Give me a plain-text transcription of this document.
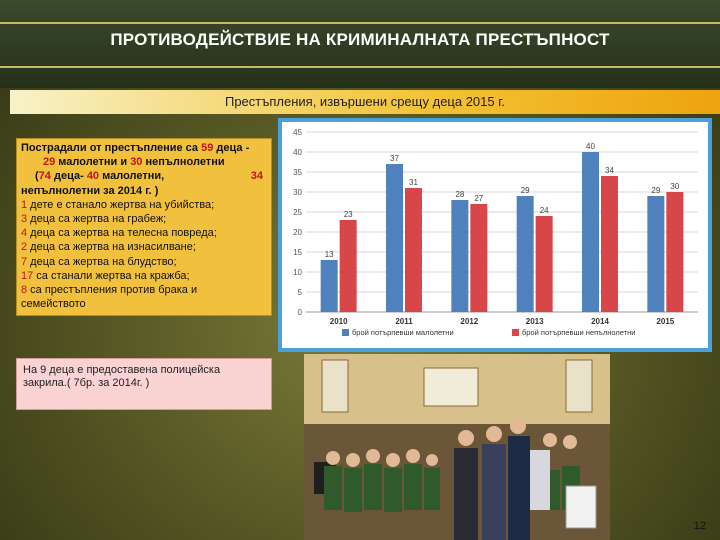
ПРОТИВОДЕЙСТВИЕ НА КРИМИНАЛНАТА ПРЕСТЪПНОСТ
Престъпления, извършени срещу деца 2015 г.
Пострадали от престъпление са 59 деца -
29 малолетни и 30 непълнолетни
(74 деца- 40 малолетни,	34
непълнолетни за 2014 г. )
1 дете е станало жертва на убийства;
3 деца са жертва на грабеж;
4 деца са жертва на телесна повреда;
2 деца са жертва на изнасилване;
7 деца са жертва на блудство;
17 са станали жертва на кражба;
8 са престъпления против брака и
семейството
0
5
10
15
20
25
30
35
40
45
13
23
2010
37
31
2011
28 27
2012
29
24
2013
40
34
2014
29 30
2015
брой потърпевши малолетни	брой потърпевши непълнолетни
На 9 деца е предоставена полицейска закрила.( 7бр. за 2014г. )
12
